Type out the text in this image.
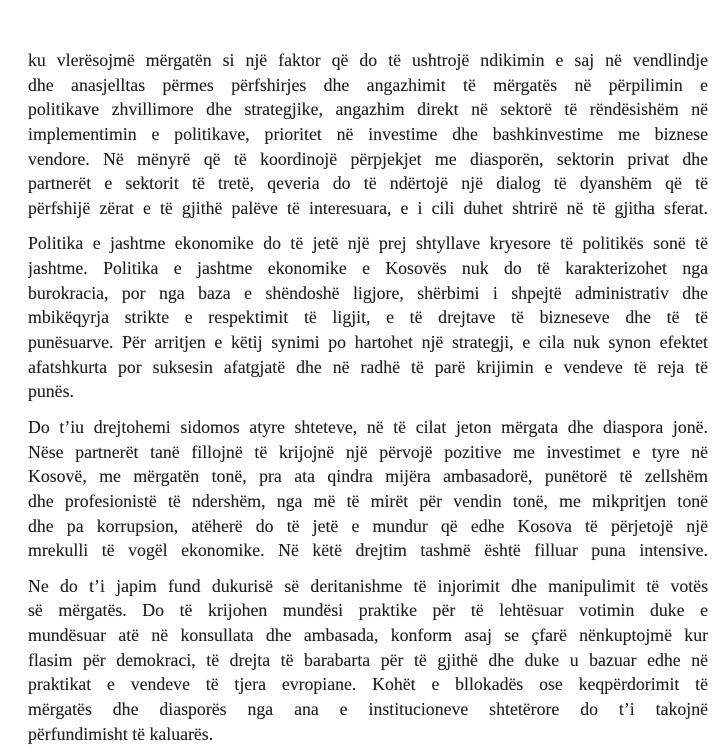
ku vlerësojmë mërgatën si një faktor që do të ushtrojë ndikimin e saj në vendlindje
dhe anasjelltas përmes përfshirjes dhe angazhimit të mërgatës në përpilimin e
politikave zhvillimore dhe strategjike, angazhim direkt në sektorë të rëndësishëm në
implementimin e politikave, prioritet në investime dhe bashkinvestime me biznese
vendore. Në mënyrë që të koordinojë përpjekjet me diasporën, sektorin privat dhe
partnerët e sektorit të tretë, qeveria do të ndërtojë një dialog të dyanshëm që të
përfshijë zërat e të gjithë palëve të interesuara, e i cili duhet shtrirë në të gjitha sferat.
Politika e jashtme ekonomike do të jetë një prej shtyllave kryesore të politikës sonë të
jashtme. Politika e jashtme ekonomike e Kosovës nuk do të karakterizohet nga
burokracia, por nga baza e shëndoshë ligjore, shërbimi i shpejtë administrativ dhe
mbikëqyrja strikte e respektimit të ligjit, e të drejtave të bizneseve dhe të të
punësuarve. Për arritjen e këtij synimi po hartohet një strategji, e cila nuk synon efektet
afatshkurta por suksesin afatgjatë dhe në radhë të parë krijimin e vendeve të reja të
punës.
Do t’iu drejtohemi sidomos atyre shteteve, në të cilat jeton mërgata dhe diaspora jonë.
Nëse partnerët tanë fillojnë të krijojnë një përvojë pozitive me investimet e tyre në
Kosovë, me mërgatën tonë, pra ata qindra mijëra ambasadorë, punëtorë të zellshëm
dhe profesionistë të ndershëm, nga më të mirët për vendin tonë, me mikpritjen tonë
dhe pa korrupsion, atëherë do të jetë e mundur që edhe Kosova të përjetojë një
mrekulli të vogël ekonomike. Në këtë drejtim tashmë është filluar puna intensive.
Ne do t’i japim fund dukurisë së deritanishme të injorimit dhe manipulimit të votës
së mërgatës. Do të krijohen mundësi praktike për të lehtësuar votimin duke e
mundësuar atë në konsullata dhe ambasada, konform asaj se çfarë nënkuptojmë kur
flasim për demokraci, të drejta të barabarta për të gjithë dhe duke u bazuar edhe në
praktikat e vendeve të tjera evropiane. Kohët e bllokadës ose keqpërdorimit të
mërgatës dhe diasporës nga ana e institucioneve shtetërore do t’i takojnë
përfundimisht të kaluarës.
